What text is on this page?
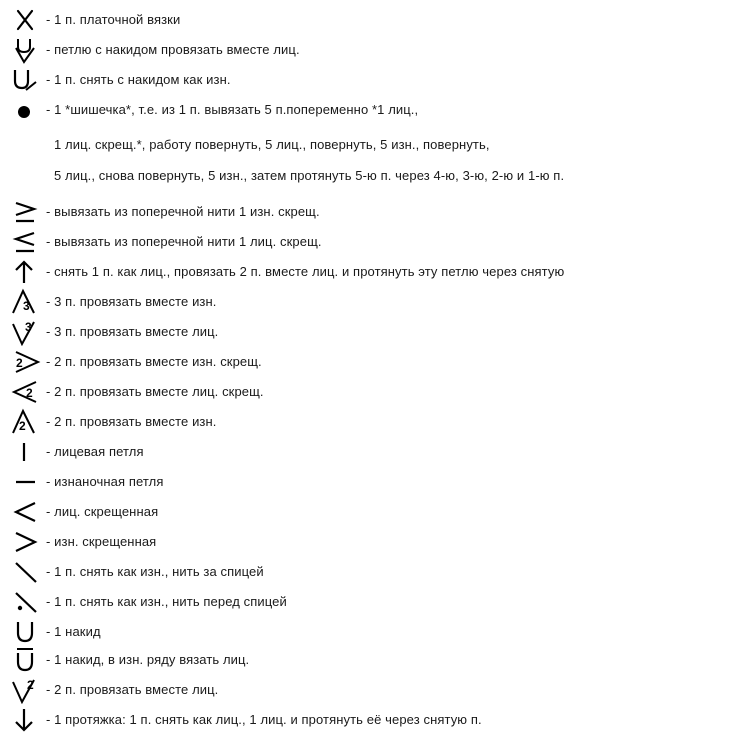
- 1 п. платочной вязки
- петлю с накидом провязать вместе лиц.
- 1 п. снять с накидом как изн.
- 1 *шишечка*, т.е. из 1 п. вывязать 5 п.попеременно *1 лиц.,
1 лиц. скрещ.*, работу повернуть, 5 лиц., повернуть, 5 изн., повернуть,
5 лиц., снова повернуть, 5 изн., затем протянуть 5-ю п. через 4-ю, 3-ю, 2-ю и 1-ю п.
- вывязать из поперечной нити 1 изн. скрещ.
- вывязать из поперечной нити 1 лиц. скрещ.
- снять 1 п. как лиц., провязать 2 п. вместе лиц. и протянуть эту петлю через снятую
3 - 3 п. провязать вместе изн.
3 - 3 п. провязать вместе лиц.
2 - 2 п. провязать вместе изн. скрещ.
2 - 2 п. провязать вместе лиц. скрещ.
2 - 2 п. провязать вместе изн.
- лицевая петля
- изнаночная петля
- лиц. скрещенная
- изн. скрещенная
- 1 п. снять как изн., нить за спицей
- 1 п. снять как изн., нить перед спицей
- 1 накид
- 1 накид, в изн. ряду вязать лиц.
2 - 2 п. провязать вместе лиц.
- 1 протяжка: 1 п. снять как лиц., 1 лиц. и протянуть её через снятую п.
